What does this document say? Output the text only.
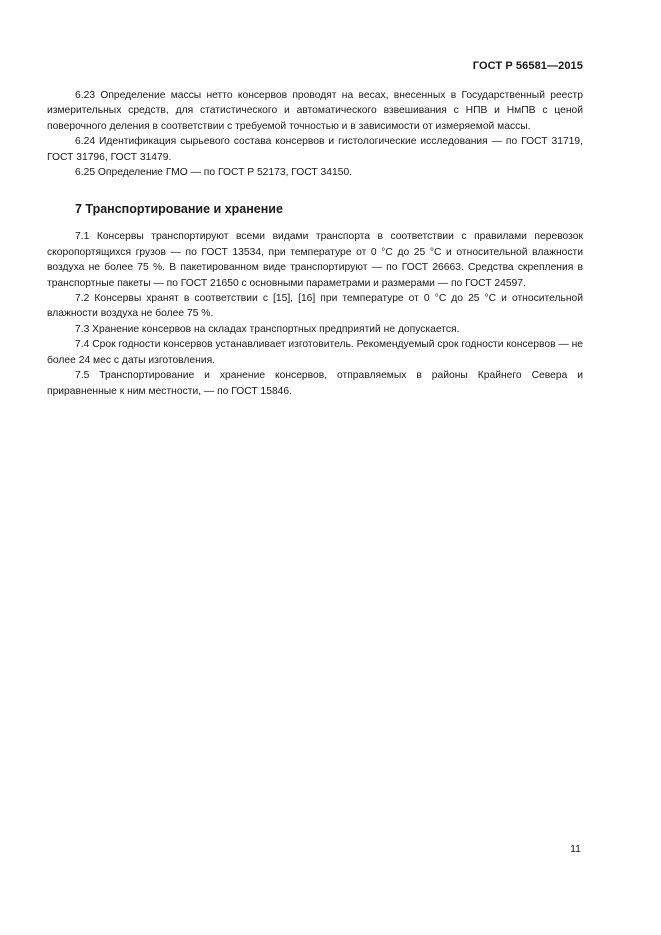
ГОСТ Р 56581—2015

6.23 Определение массы нетто консервов проводят на весах, внесенных в Государственный реестр измерительных средств, для статистического и автоматического взвешивания с НПВ и НмПВ с ценой поверочного деления в соответствии с требуемой точностью и в зависимости от измеряемой массы.

6.24 Идентификация сырьевого состава консервов и гистологические исследования — по ГОСТ 31719, ГОСТ 31796, ГОСТ 31479.

6.25 Определение ГМО — по ГОСТ Р 52173, ГОСТ 34150.

7 Транспортирование и хранение

7.1 Консервы транспортируют всеми видами транспорта в соответствии с правилами перевозок скоропортящихся грузов — по ГОСТ 13534, при температуре от 0 °С до 25 °С и относительной влажности воздуха не более 75 %. В пакетированном виде транспортируют — по ГОСТ 26663. Средства скрепления в транспортные пакеты — по ГОСТ 21650 с основными параметрами и размерами — по ГОСТ 24597.

7.2 Консервы хранят в соответствии с [15], [16] при температуре от 0 °С до 25 °С и относительной влажности воздуха не более 75 %.

7.3 Хранение консервов на складах транспортных предприятий не допускается.

7.4 Срок годности консервов устанавливает изготовитель. Рекомендуемый срок годности консервов — не более 24 мес с даты изготовления.

7.5 Транспортирование и хранение консервов, отправляемых в районы Крайнего Севера и приравненные к ним местности, — по ГОСТ 15846.

11
